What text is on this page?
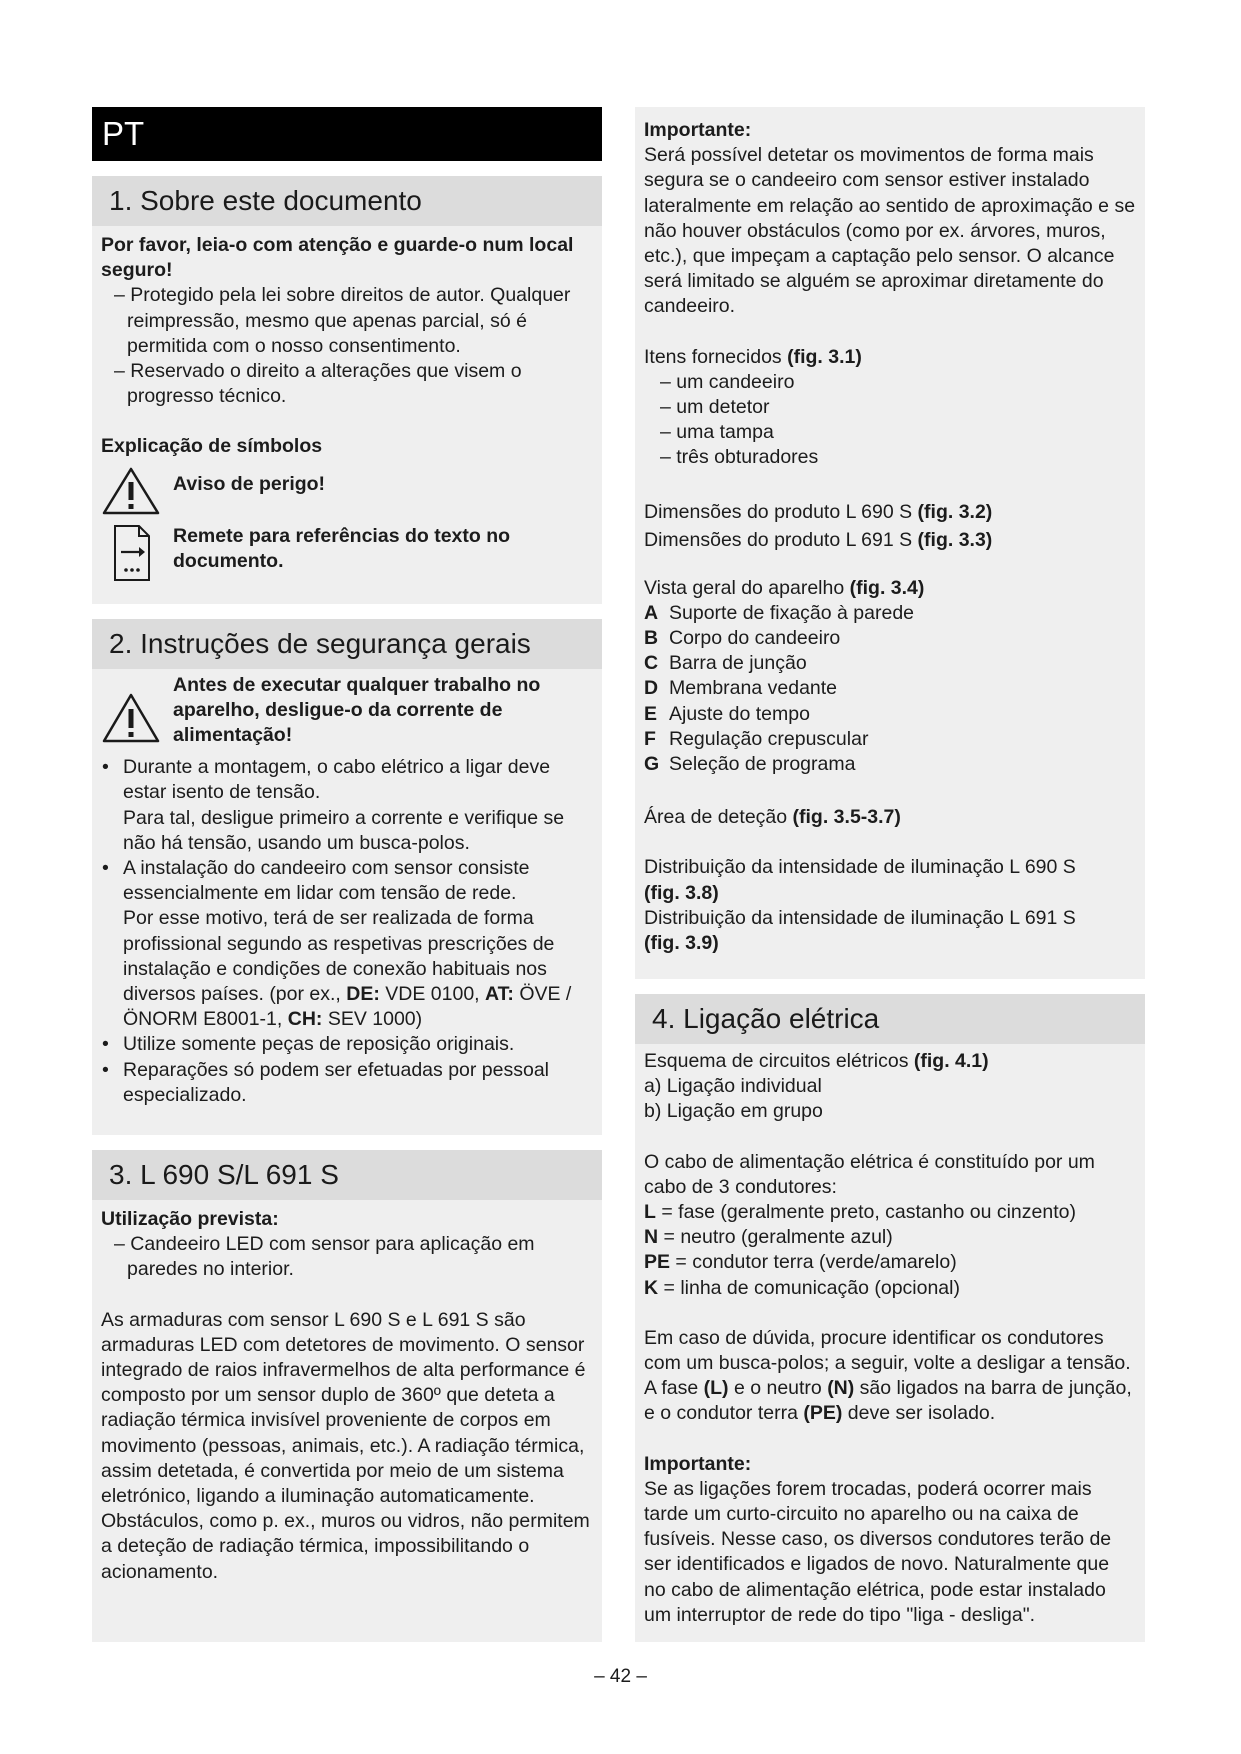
PT
1. Sobre este documento

Por favor, leia-o com atenção e guarde-o num local seguro!

– Protegido pela lei sobre direitos de autor. Qualquer reimpressão, mesmo que apenas parcial, só é permitida com o nosso consentimento.

– Reservado o direito a alterações que visem o progresso técnico.

Explicação de símbolos

Aviso de perigo!
Remete para referências do texto no documento.
2. Instruções de segurança gerais
Antes de executar qualquer trabalho no aparelho, desligue-o da corrente de alimentação!
• Durante a montagem, o cabo elétrico a ligar deve estar isento de tensão.
Para tal, desligue primeiro a corrente e verifique se não há tensão, usando um busca-polos.
• A instalação do candeeiro com sensor consiste essencialmente em lidar com tensão de rede.
Por esse motivo, terá de ser realizada de forma profissional segundo as respetivas prescrições de instalação e condições de conexão habituais nos diversos países. (por ex., DE: VDE 0100, AT: ÖVE / ÖNORM E8001-1, CH: SEV 1000)
• Utilize somente peças de reposição originais.
• Reparações só podem ser efetuadas por pessoal especializado.
3. L 690 S/L 691 S

Utilização prevista:

– Candeeiro LED com sensor para aplicação em paredes no interior.

As armaduras com sensor L 690 S e L 691 S são armaduras LED com detetores de movimento. O sensor integrado de raios infravermelhos de alta performance é composto por um sensor duplo de 360º que deteta a radiação térmica invisível proveniente de corpos em movimento (pessoas, animais, etc.). A radiação térmica, assim detetada, é convertida por meio de um sistema eletrónico, ligando a iluminação automaticamente. Obstáculos, como p. ex., muros ou vidros, não permitem a deteção de radiação térmica, impossibilitando o acionamento.

Importante:

Será possível detetar os movimentos de forma mais segura se o candeeiro com sensor estiver instalado lateralmente em relação ao sentido de aproximação e se não houver obstáculos (como por ex. árvores, muros, etc.), que impeçam a captação pelo sensor. O alcance será limitado se alguém se aproximar diretamente do candeeiro.

Itens fornecidos (fig. 3.1)

– um candeeiro
– um detetor
– uma tampa
– três obturadores

Dimensões do produto L 690 S (fig. 3.2)

Dimensões do produto L 691 S (fig. 3.3)

Vista geral do aparelho (fig. 3.4)

A Suporte de fixação à parede
B Corpo do candeeiro
C Barra de junção
D Membrana vedante
E Ajuste do tempo
F Regulação crepuscular
G Seleção de programa

Área de deteção (fig. 3.5-3.7)

Distribuição da intensidade de iluminação L 690 S
(fig. 3.8)

Distribuição da intensidade de iluminação L 691 S
(fig. 3.9)

4. Ligação elétrica

Esquema de circuitos elétricos (fig. 4.1)

a) Ligação individual

b) Ligação em grupo

O cabo de alimentação elétrica é constituído por um cabo de 3 condutores:

L = fase (geralmente preto, castanho ou cinzento)
N = neutro (geralmente azul)
PE = condutor terra (verde/amarelo)
K = linha de comunicação (opcional)

Em caso de dúvida, procure identificar os condutores com um busca-polos; a seguir, volte a desligar a tensão. A fase (L) e o neutro (N) são ligados na barra de junção, e o condutor terra (PE) deve ser isolado.

Importante:

Se as ligações forem trocadas, poderá ocorrer mais tarde um curto-circuito no aparelho ou na caixa de fusíveis. Nesse caso, os diversos condutores terão de ser identificados e ligados de novo. Naturalmente que no cabo de alimentação elétrica, pode estar instalado um interruptor de rede do tipo "liga - desliga".

– 42 –
